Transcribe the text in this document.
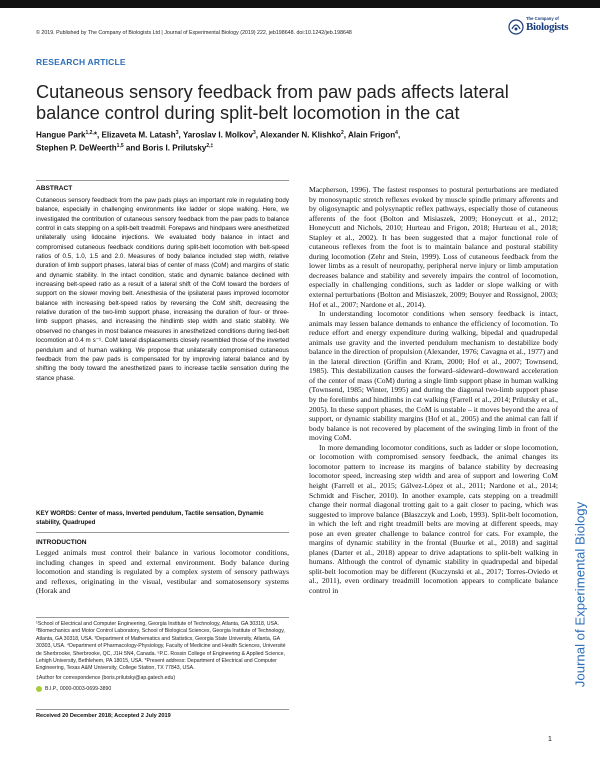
© 2019. Published by The Company of Biologists Ltd | Journal of Experimental Biology (2019) 222, jeb198648. doi:10.1242/jeb.198648
The Company of
Biologists
RESEARCH ARTICLE
Cutaneous sensory feedback from paw pads affects lateral balance control during split-belt locomotion in the cat
Hangue Park$^{1,2,}$*, Elizaveta M. Latash$^3$, Yaroslav I. Molkov$^3$, Alexander N. Klishko$^2$, Alain Frigon$^4$,
Stephen P. DeWeerth$^{1,5}$ and Boris I. Prilutsky$^{2,\ddagger}$
ABSTRACT
Cutaneous sensory feedback from the paw pads plays an important role in regulating body balance, especially in challenging environments like ladder or slope walking. Here, we investigated the contribution of cutaneous sensory feedback from the paw pads to balance control in cats stepping on a split-belt treadmill. Forepaws and hindpaws were anesthetized unilaterally using lidocaine injections. We evaluated body balance in intact and compromised cutaneous feedback conditions during split-belt locomotion with belt-speed ratios of 0.5, 1.0, 1.5 and 2.0. Measures of body balance included step width, relative duration of limb support phases, lateral bias of center of mass (CoM) and margins of static and dynamic stability. In the intact condition, static and dynamic balance declined with increasing belt-speed ratio as a result of a lateral shift of the CoM toward the borders of support on the slower moving belt. Anesthesia of the ipsilateral paws improved locomotor balance with increasing belt-speed ratios by reversing the CoM shift, decreasing the relative duration of the two-limb support phase, increasing the duration of four- or three-limb support phases, and increasing the hindlimb step width and static stability. We observed no changes in most balance measures in anesthetized conditions during tied-belt locomotion at 0.4 m s⁻¹. CoM lateral displacements closely resembled those of the inverted pendulum and of human walking. We propose that unilaterally compromised cutaneous feedback from the paw pads is compensated for by improving lateral balance and by shifting the body toward the anesthetized paws to increase tactile sensation during the stance phase.
KEY WORDS: Center of mass, Inverted pendulum, Tactile sensation, Dynamic stability, Quadruped
INTRODUCTION
Legged animals must control their balance in various locomotor conditions, including changes in speed and external environment. Body balance during locomotion and standing is regulated by a complex system of sensory pathways and reflexes, originating in the visual, vestibular and somatosensory systems (Horak and
¹School of Electrical and Computer Engineering, Georgia Institute of Technology, Atlanta, GA 30318, USA. ²Biomechanics and Motor Control Laboratory, School of Biological Sciences, Georgia Institute of Technology, Atlanta, GA 30318, USA. ³Department of Mathematics and Statistics, Georgia State University, Atlanta, GA 30303, USA. ⁴Department of Pharmacology-Physiology, Faculty of Medicine and Health Sciences, Université de Sherbrooke, Sherbrooke, QC, J1H 5N4, Canada. ⁵P.C. Rossin College of Engineering & Applied Science, Lehigh University, Bethlehem, PA 18015, USA. *Present address: Department of Electrical and Computer Engineering, Texas A&M University, College Station, TX 77843, USA.
‡Author for correspondence (boris.prilutsky@ap.gatech.edu)
B.I.P., 0000-0003-0699-3890
Received 20 December 2018; Accepted 2 July 2019

Macpherson, 1996). The fastest responses to postural perturbations are mediated by monosynaptic stretch reflexes evoked by muscle spindle primary afferents and by oligosynaptic and polysynaptic reflex pathways, especially those of cutaneous afferents of the foot (Bolton and Misiaszek, 2009; Honeycutt et al., 2012; Honeycutt and Nichols, 2010; Hurteau and Frigon, 2018; Hurteau et al., 2018; Stapley et al., 2002). It has been suggested that a major functional role of cutaneous reflexes from the foot is to maintain balance and postural stability during locomotion (Zehr and Stein, 1999). Loss of cutaneous feedback from the lower limbs as a result of neuropathy, peripheral nerve injury or limb amputation decreases balance and stability and severely impairs the control of locomotion, especially in challenging conditions, such as ladder or slope walking or with external perturbations (Bolton and Misiaszek, 2009; Bouyer and Rossignol, 2003; Hof et al., 2007; Nardone et al., 2014).

In understanding locomotor conditions when sensory feedback is intact, animals may lessen balance demands to enhance the efficiency of locomotion. To reduce effort and energy expenditure during walking, bipedal and quadrupedal animals use gravity and the inverted pendulum mechanism to destabilize body balance in the direction of propulsion (Alexander, 1976; Cavagna et al., 1977) and in the lateral direction (Griffin and Kram, 2000; Hof et al., 2007; Townsend, 1985). This destabilization causes the forward–sideward–downward acceleration of the center of mass (CoM) during a single limb support phase in human walking (Townsend, 1985; Winter, 1995) and during the diagonal two-limb support phase by the forelimbs and hindlimbs in cat walking (Farrell et al., 2014; Prilutsky et al., 2005). In these support phases, the CoM is unstable – it moves beyond the area of support, or dynamic stability margins (Hof et al., 2005) and the animal can fall if body balance is not recovered by placement of the swinging limb in front of the moving CoM.

In more demanding locomotor conditions, such as ladder or slope locomotion, or locomotion with compromised sensory feedback, the animal changes its locomotor pattern to increase its margins of balance stability by decreasing locomotor speed, increasing step width and area of support and lowering CoM height (Farrell et al., 2015; Gálvez-López et al., 2011; Nardone et al., 2014; Schmidt and Fischer, 2010). In another example, cats stepping on a treadmill change their normal diagonal trotting gait to a gait closer to pacing, which was suggested to improve balance (Błaszczyk and Loeb, 1993). Split-belt locomotion, in which the left and right treadmill belts are moving at different speeds, may pose an even greater challenge to balance control for cats. For example, the margins of dynamic stability in the frontal (Buurke et al., 2018) and sagittal planes (Darter et al., 2018) appear to drive adaptations to split-belt walking in humans. Although the control of dynamic stability in quadrupedal and bipedal split-belt locomotion may be different (Kuczynski et al., 2017; Torres-Oviedo et al., 2011), even ordinary treadmill locomotion appears to complicate balance control in	Journal of Experimental Biology
1
